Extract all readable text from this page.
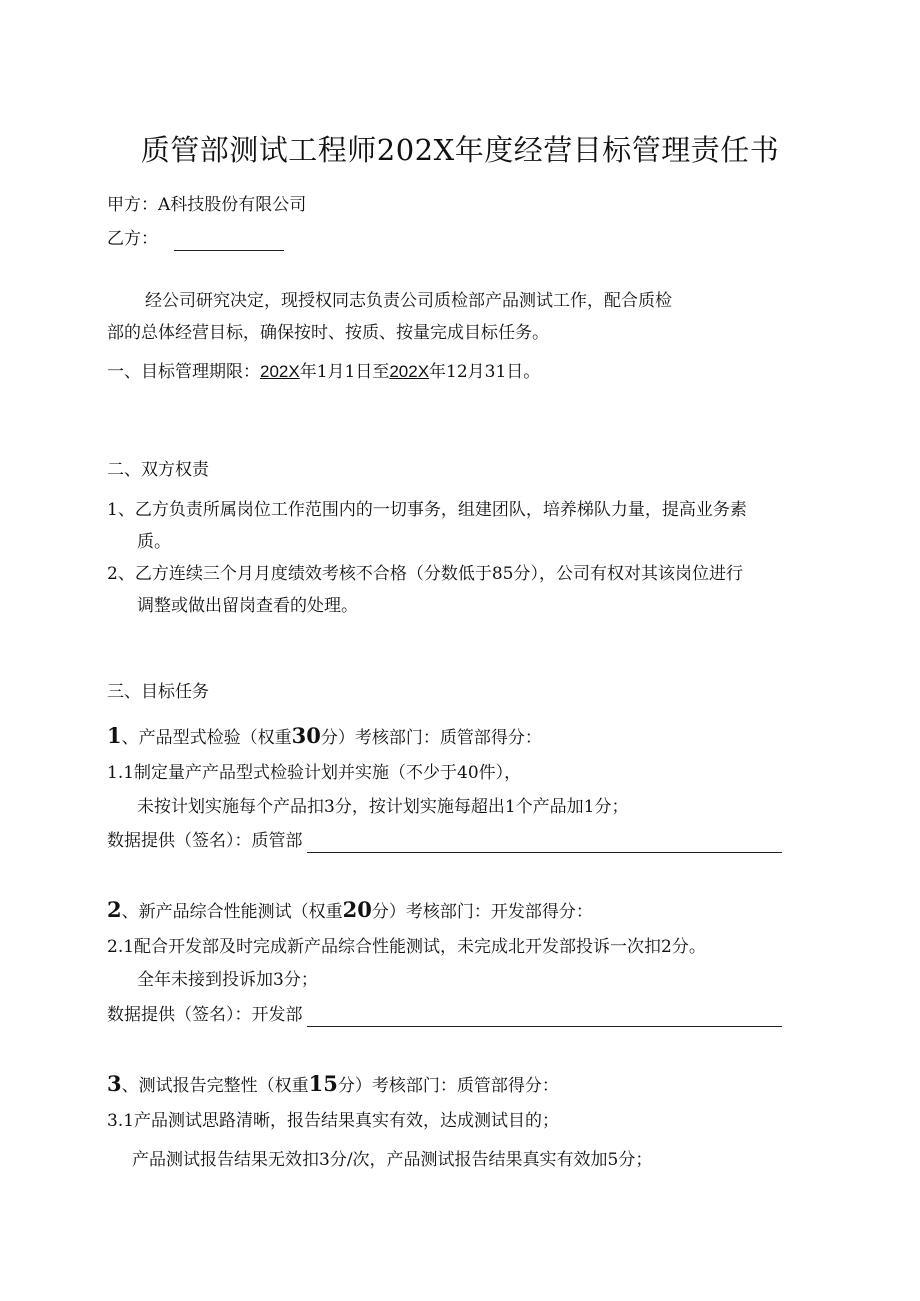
质管部测试工程师202X年度经营目标管理责任书
甲方：A科技股份有限公司
乙方：
经公司研究决定，现授权同志负责公司质检部产品测试工作，配合质检
部的总体经营目标，确保按时、按质、按量完成目标任务。
一、目标管理期限：202X年1月1日至202X年12月31日。
二、双方权责
1、乙方负责所属岗位工作范围内的一切事务，组建团队，培养梯队力量，提高业务素
质。
2、乙方连续三个月月度绩效考核不合格（分数低于85分），公司有权对其该岗位进行
调整或做出留岗查看的处理。
三、目标任务
1、产品型式检验（权重30分）考核部门：质管部得分：
1.1制定量产产品型式检验计划并实施（不少于40件），
未按计划实施每个产品扣3分，按计划实施每超出1个产品加1分；
数据提供（签名）：质管部
2、新产品综合性能测试（权重20分）考核部门：开发部得分：
2.1配合开发部及时完成新产品综合性能测试，未完成北开发部投诉一次扣2分。
全年未接到投诉加3分；
数据提供（签名）：开发部
3、测试报告完整性（权重15分）考核部门：质管部得分：
3.1产品测试思路清晰，报告结果真实有效，达成测试目的；
产品测试报告结果无效扣3分/次，产品测试报告结果真实有效加5分；
